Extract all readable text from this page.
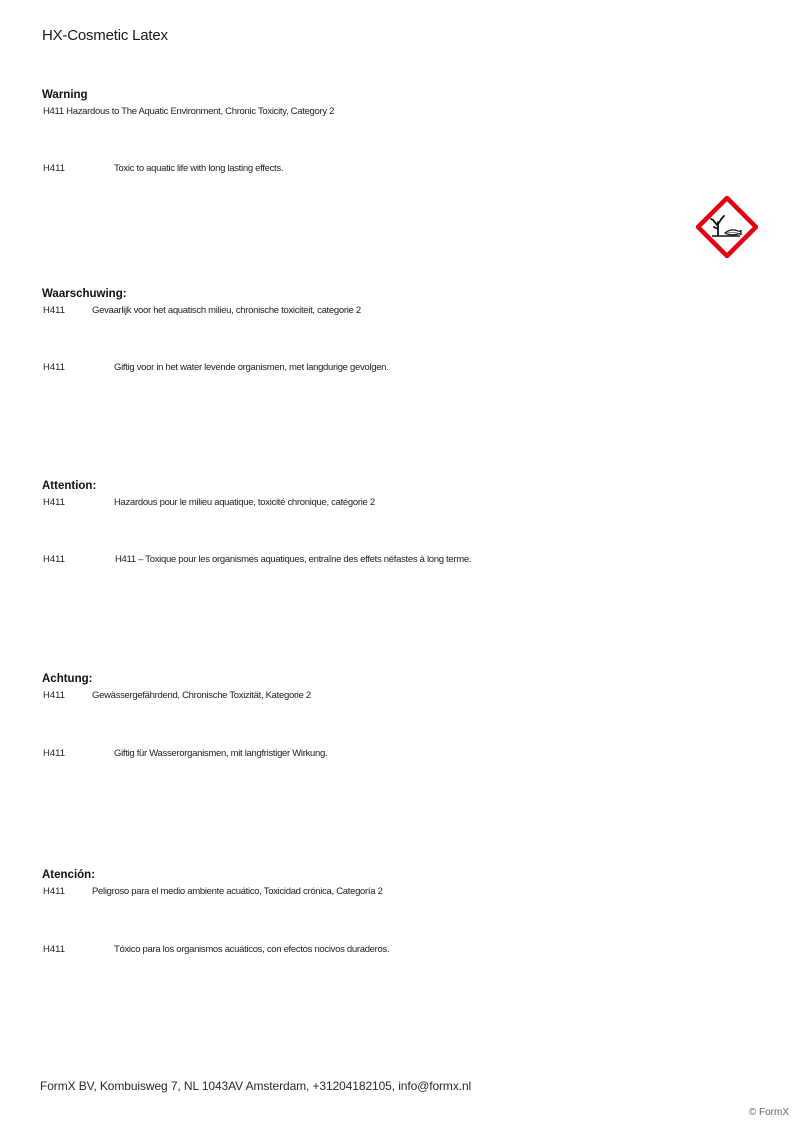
HX-Cosmetic Latex
Warning
H411 Hazardous to The Aquatic Environment, Chronic Toxicity, Category 2
H411	Toxic to aquatic life with long lasting effects.
Waarschuwing:
H411	Gevaarlijk voor het aquatisch milieu, chronische toxiciteit, categorie 2
H411	Giftig voor in het water levende organismen, met langdurige gevolgen.
Attention:
H411	Hazardous pour le milieu aquatique, toxicité chronique, catégorie 2
H411	H411 – Toxique pour les organismes aquatiques, entraîne des effets néfastes à long terme.
Achtung:
H411	Gewässergefährdend, Chronische Toxizität, Kategorie 2
H411	Giftig für Wasserorganismen, mit langfristiger Wirkung.
Atención:
H411	Peligroso para el medio ambiente acuático, Toxicidad crónica, Categoría 2
H411	Tóxico para los organismos acuáticos, con efectos nocivos duraderos.
FormX BV, Kombuisweg 7, NL 1043AV Amsterdam, +31204182105, info@formx.nl
© FormX
